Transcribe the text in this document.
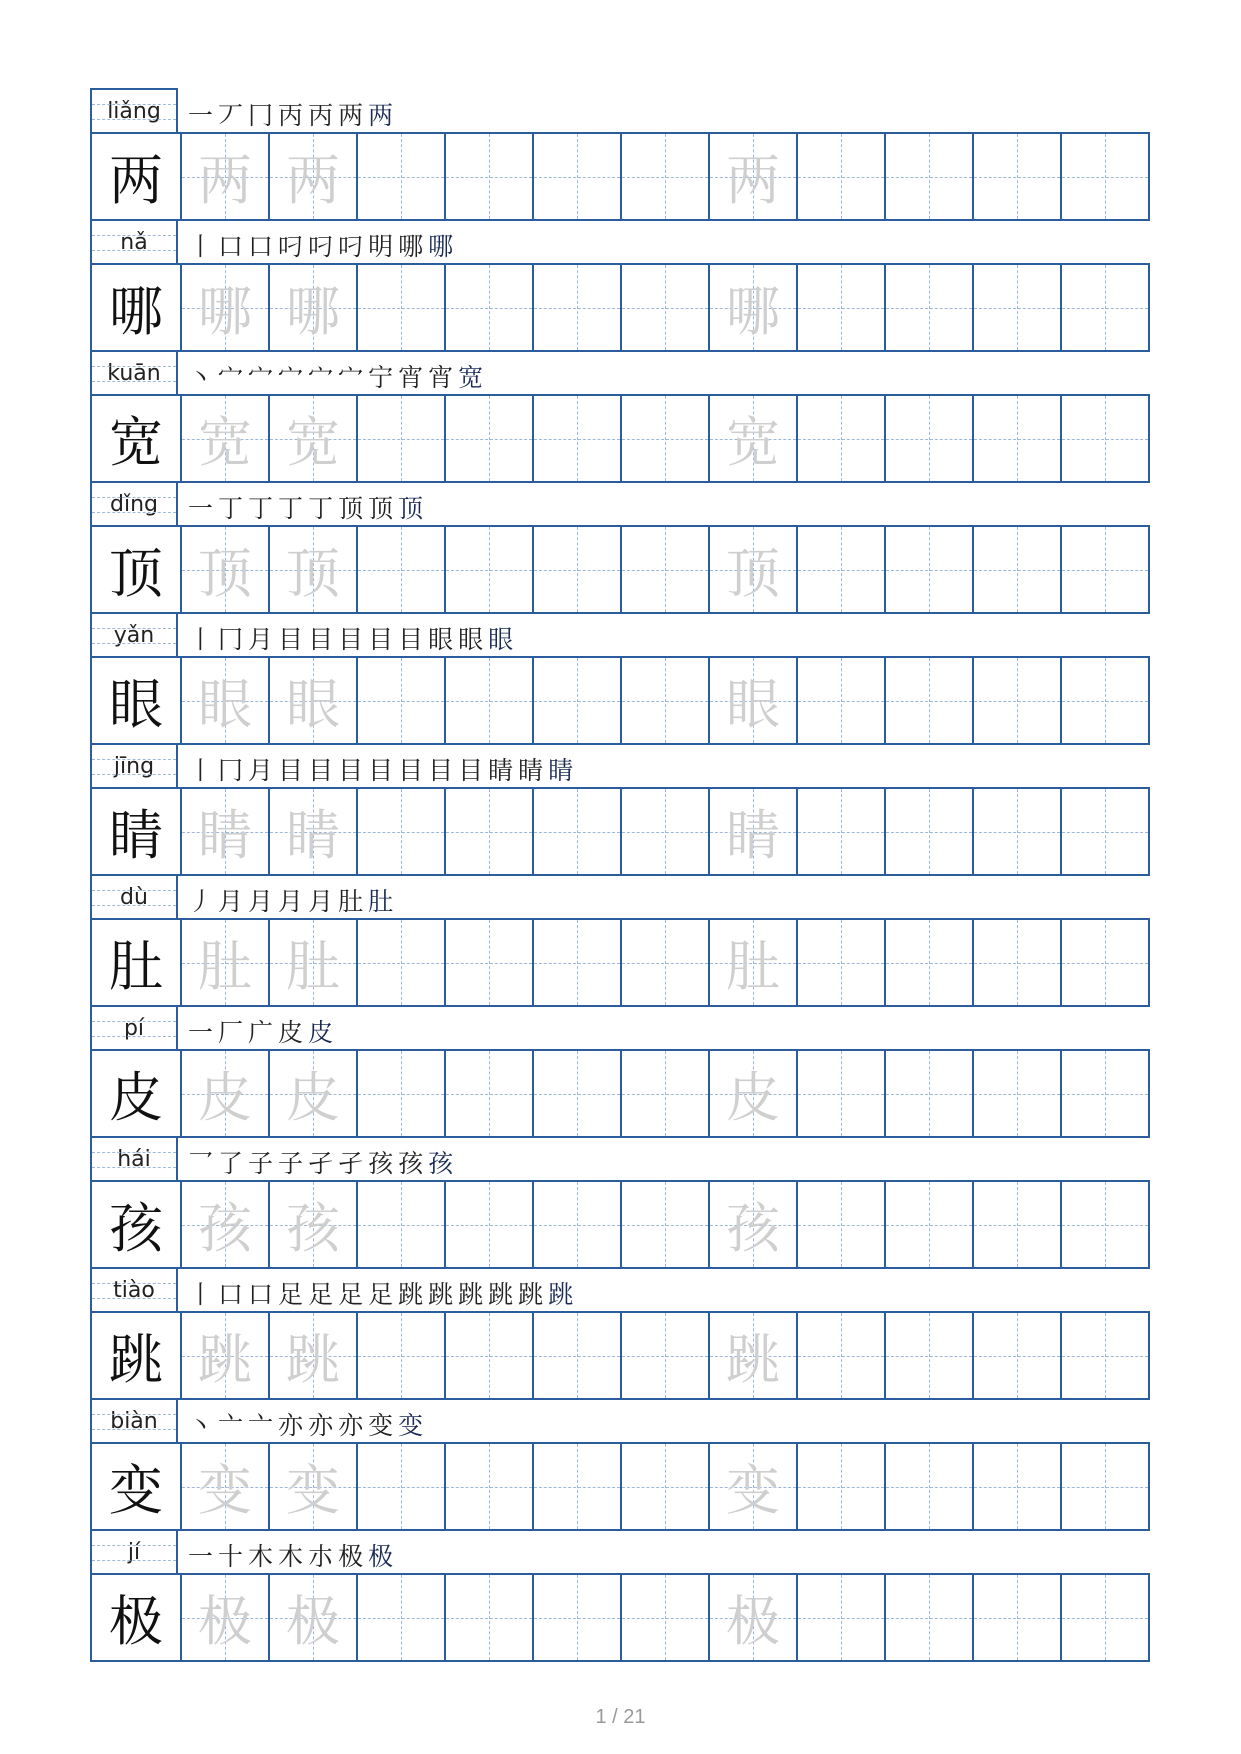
liǎng	一 丆 冂 丙 丙 两 两
两 两 两	两
nǎ	丨 口 口 叼 叼 叼 明 哪 哪
哪 哪 哪	哪
kuān	丶 宀 宀 宀 宀 宀 宁 宵 宵 宽
宽 宽 宽	宽
dǐng	一 丁 丁 丁 丁 顶 顶 顶
顶 顶 顶	顶
yǎn	丨 冂 月 目 目 目 目 目 眼 眼 眼
眼 眼 眼	眼
jīng	丨 冂 月 目 目 目 目 目 目 目 睛 睛 睛
睛 睛 睛	睛
dù	丿 月 月 月 月 肚 肚
肚 肚 肚	肚
pí	一 厂 广 皮 皮
皮 皮 皮	皮
hái	乛 了 子 子 孑 孑 孩 孩 孩
孩 孩 孩	孩
tiào	丨 口 口 足 足 足 足 跳 跳 跳 跳 跳 跳
跳 跳 跳	跳
biàn	丶 亠 亠 亦 亦 亦 变 变
变 变 变	变
jí	一 十 木 木 朩 极 极
极 极 极	极
1 / 21
